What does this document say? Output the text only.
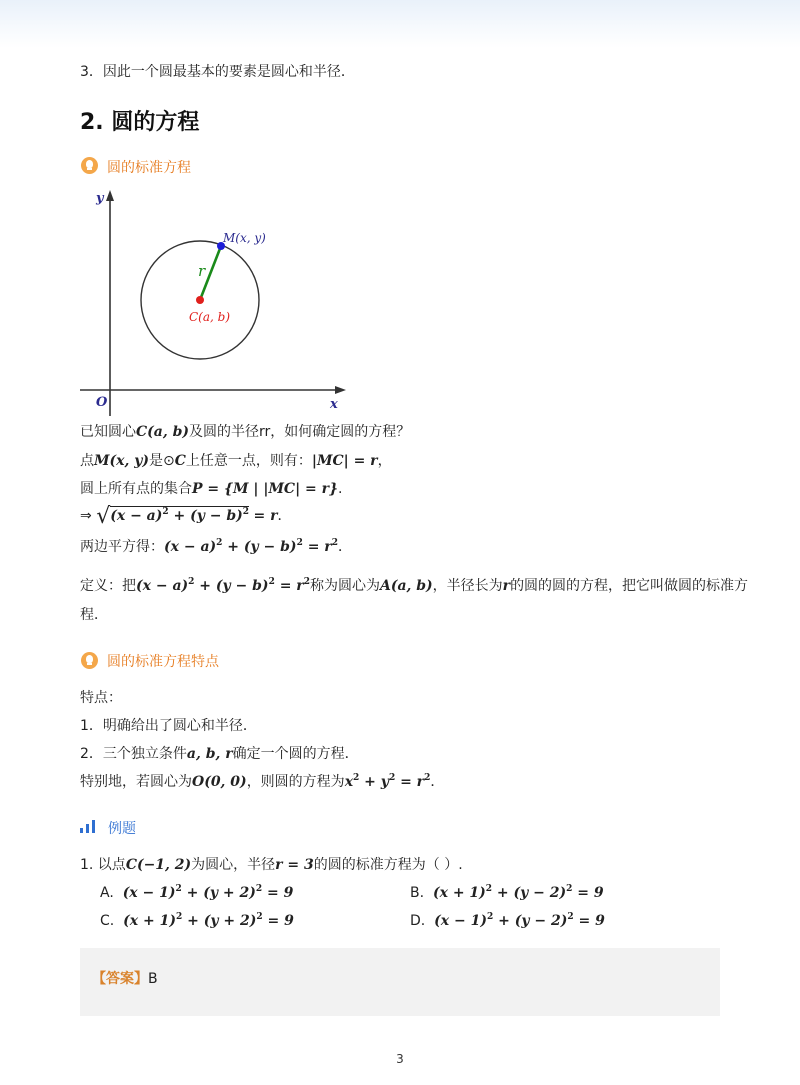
3．因此一个圆最基本的要素是圆心和半径．
2. 圆的方程
圆的标准方程
y
x
O
M(x, y)
r
C(a, b)
已知圆心C(a, b)及圆的半径rr，如何确定圆的方程？
点M(x, y)是⊙C上任意一点，则有：|MC| = r，
圆上所有点的集合P = {M | |MC| = r}.
⇒ $√(x - a)^2 + (y - b)^2 = r$．
两边平方得：$(x - a)^2 + (y - b)^2 = r^2$．
定义：把$(x - a)^2 + (y - b)^2 = r^2$称为圆心为A(a, b)，半径长为r的圆的圆的方程，把它叫做圆的标准方
程．
圆的标准方程特点
特点：
1．明确给出了圆心和半径．
2．三个独立条件a, b, r确定一个圆的方程．
特别地，若圆心为O(0, 0)，则圆的方程为$x^2 + y^2 = r^2$．
例题
1. 以点C(−1, 2)为圆心，半径r = 3的圆的标准方程为（ ）.
A. $(x - 1)^2 + (y + 2)^2 = 9$	B. $(x + 1)^2 + (y - 2)^2 = 9$
C. $(x + 1)^2 + (y + 2)^2 = 9$	D. $(x - 1)^2 + (y - 2)^2 = 9$
【答案】B
3
